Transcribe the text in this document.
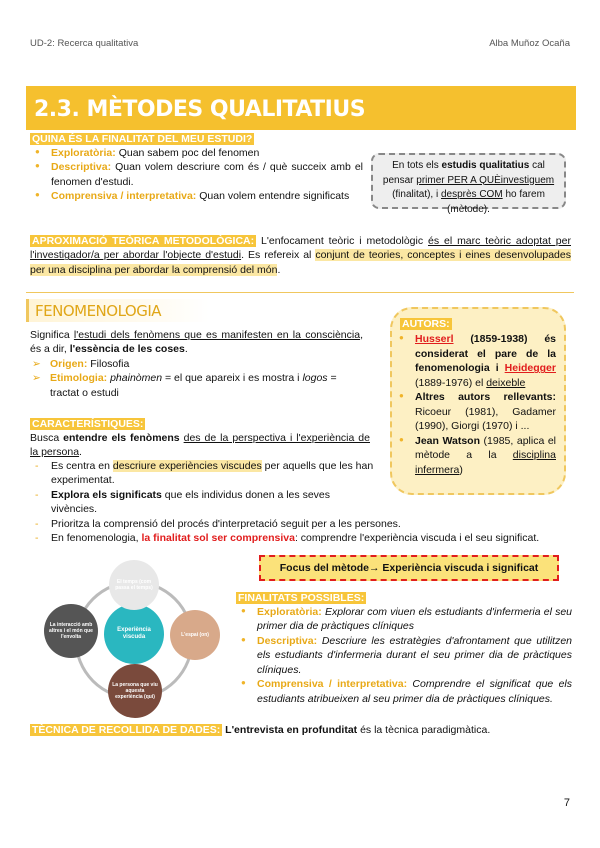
UD-2: Recerca qualitativa	Alba Muñoz Ocaña
2.3. MÈTODES QUALITATIUS
QUINA ÉS LA FINALITAT DEL MEU ESTUDI?
● Exploratòria: Quan sabem poc del fenomen
● Descriptiva: Quan volem descriure com és / què succeix amb el fenomen d'estudi.
● Comprensiva / interpretativa: Quan volem entendre significats
En tots els estudis qualitatius cal pensar primer PER A QUÈinvestiguem (finalitat), i desprès COM ho farem (mètode).
APROXIMACIÓ TEÒRICA METODOLÒGICA: L'enfocament teòric i metodològic és el marc teòric adoptat per l'investigador/a per abordar l'objecte d'estudi. Es refereix al conjunt de teories, conceptes i eines desenvolupades per una disciplina per abordar la comprensió del món.
FENOMENOLOGIA
Significa l'estudi dels fenòmens que es manifesten en la consciència, és a dir, l'essència de les coses.
➢ Origen: Filosofia
➢ Etimologia: phainòmen = el que apareix i es mostra i logos = tractat o estudi
AUTORS:
● Husserl (1859-1938) és considerat el pare de la fenomenologia i Heidegger (1889-1976) el deixeble
● Altres autors rellevants: Ricoeur (1981), Gadamer (1990), Giorgi (1970) i ...
● Jean Watson (1985, aplica el mètode a la disciplina infermera)
CARACTERÍSTIQUES:
Busca entendre els fenòmens des de la perspectiva i l'experiència de la persona.
- Es centra en descriure experiències viscudes per aquells que les han experimentat.
- Explora els significats que els individus donen a les seves vivències.
- Prioritza la comprensió del procés d'interpretació seguit per a les persones.
- En fenomenologia, la finalitat sol ser comprensiva: comprendre l'experiència viscuda i el seu significat.
Focus del mètode→ Experiència viscuda i significat
Experiència viscuda
El temps (com passa el temps)
L'espai (on)
La persona que viu aquesta experiència (qui)
La interacció amb altres i el món que l'envolta
FINALITATS POSSIBLES:
● Exploratòria: Explorar com viuen els estudiants d'infermeria el seu primer dia de pràctiques clíniques
● Descriptiva: Descriure les estratègies d'afrontament que utilitzen els estudiants d'infermeria durant el seu primer dia de pràctiques clíniques.
● Comprensiva / interpretativa: Comprendre el significat que els estudiants atribueixen al seu primer dia de pràctiques clíniques.
TÈCNICA DE RECOLLIDA DE DADES: L'entrevista en profunditat és la tècnica paradigmàtica.
7
